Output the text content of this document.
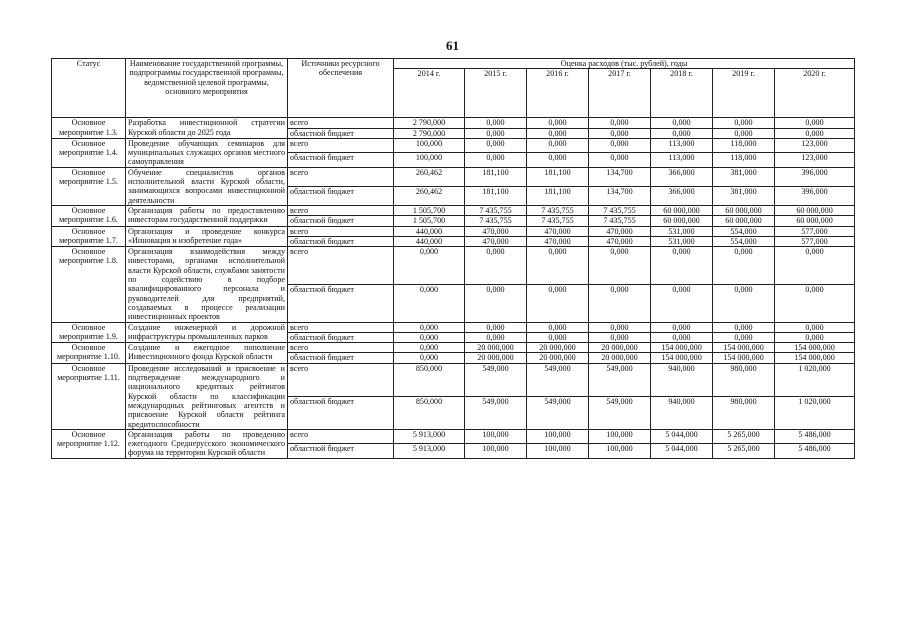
61
Статус	Наименование государственной программы, подпрограммы государственной программы, ведомственной целевой программы, основного мероприятия	Источники ресурсного обеспечения	Оценка расходов (тыс. рублей), годы						
			2014 г.	2015 г.	2016 г.	2017 г.	2018 г.	2019 г.	2020 г.
Основное мероприятие 1.3.	Разработка инвестиционной стратегии Курской области до 2025 года	всего	2 790,000	0,000	0,000	0,000	0,000	0,000	0,000
		областной бюджет	2 790,000	0,000	0,000	0,000	0,000	0,000	0,000
Основное мероприятие 1.4.	Проведение обучающих семинаров для муниципальных служащих органов местного самоуправления	всего	100,000	0,000	0,000	0,000	113,000	118,000	123,000
		областной бюджет	100,000	0,000	0,000	0,000	113,000	118,000	123,000
Основное мероприятие 1.5.	Обучение специалистов органов исполнительной власти Курской области, занимающихся вопросами инвестиционной деятельности	всего	260,462	181,100	181,100	134,700	366,000	381,000	396,000
		областной бюджет	260,462	181,100	181,100	134,700	366,000	381,000	396,000
Основное мероприятие 1.6.	Организация работы по предоставлению инвесторам государственной поддержки	всего	1 505,700	7 435,755	7 435,755	7 435,755	60 000,000	60 000,000	60 000,000
		областной бюджет	1 505,700	7 435,755	7 435,755	7 435,755	60 000,000	60 000,000	60 000,000
Основное мероприятие 1.7.	Организация и проведение конкурса «Инновация и изобретение года»	всего	440,000	470,000	470,000	470,000	531,000	554,000	577,000
		областной бюджет	440,000	470,000	470,000	470,000	531,000	554,000	577,000
Основное мероприятие 1.8.	Организация взаимодействия между инвесторами, органами исполнительной власти Курской области, службами занятости по содействию в подборе квалифицированного персонала и руководителей для предприятий, создаваемых в процессе реализации инвестиционных проектов	всего	0,000	0,000	0,000	0,000	0,000	0,000	0,000
		областной бюджет	0,000	0,000	0,000	0,000	0,000	0,000	0,000
Основное мероприятие 1.9.	Создание инженерной и дорожной инфраструктуры промышленных парков	всего	0,000	0,000	0,000	0,000	0,000	0,000	0,000
		областной бюджет	0,000	0,000	0,000	0,000	0,000	0,000	0,000
Основное мероприятие 1.10.	Создание и ежегодное пополнение Инвестиционного фонда Курской области	всего	0,000	20 000,000	20 000,000	20 000,000	154 000,000	154 000,000	154 000,000
		областной бюджет	0,000	20 000,000	20 000,000	20 000,000	154 000,000	154 000,000	154 000,000
Основное мероприятие 1.11.	Проведение исследований и присвоение и подтверждение международного и национального кредитных рейтингов Курской области по классификации международных рейтинговых агентств и присвоение Курской области рейтинга кредитоспособности	всего	850,000	549,000	549,000	549,000	940,000	980,000	1 020,000
		областной бюджет	850,000	549,000	549,000	549,000	940,000	980,000	1 020,000
Основное мероприятие 1.12.	Организация работы по проведению ежегодного Среднерусского экономического форума на территории Курской области	всего	5 913,000	100,000	100,000	100,000	5 044,000	5 265,000	5 486,000
		областной бюджет	5 913,000	100,000	100,000	100,000	5 044,000	5 265,000	5 486,000
